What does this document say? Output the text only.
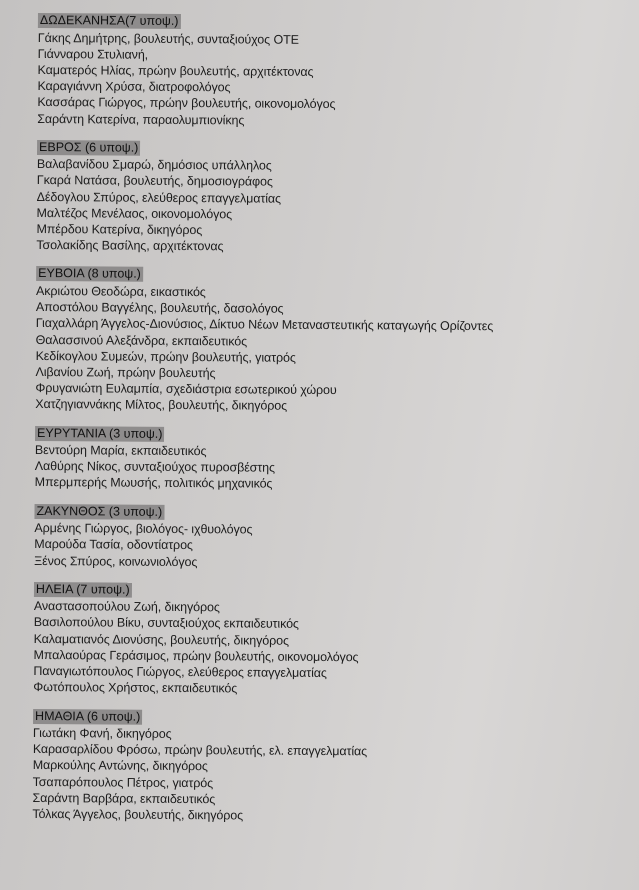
ΔΩΔΕΚΑΝΗΣΑ(7 υποψ.)
Γάκης Δημήτρης, βουλευτής, συνταξιούχος ΟΤΕ
Γιάνναρου Στυλιανή,
Καματερός Ηλίας, πρώην βουλευτής, αρχιτέκτονας
Καραγιάννη Χρύσα, διατροφολόγος
Κασσάρας Γιώργος, πρώην βουλευτής, οικονομολόγος
Σαράντη Κατερίνα, παραολυμπιονίκης
ΕΒΡΟΣ (6 υποψ.)
Βαλαβανίδου Σμαρώ, δημόσιος υπάλληλος
Γκαρά Νατάσα, βουλευτής, δημοσιογράφος
Δέδογλου Σπύρος, ελεύθερος επαγγελματίας
Μαλτέζος Μενέλαος, οικονομολόγος
Μπέρδου Κατερίνα, δικηγόρος
Τσολακίδης Βασίλης, αρχιτέκτονας
ΕΥΒΟΙΑ (8 υποψ.)
Ακριώτου Θεοδώρα, εικαστικός
Αποστόλου Βαγγέλης, βουλευτής, δασολόγος
Γιαχαλλάρη Άγγελος-Διονύσιος, Δίκτυο Νέων Μεταναστευτικής καταγωγής Ορίζοντες
Θαλασσινού Αλεξάνδρα, εκπαιδευτικός
Κεδίκογλου Συμεών, πρώην βουλευτής, γιατρός
Λιβανίου Ζωή, πρώην βουλευτής
Φρυγανιώτη Ευλαμπία, σχεδιάστρια εσωτερικού χώρου
Χατζηγιαννάκης Μίλτος, βουλευτής, δικηγόρος
ΕΥΡΥΤΑΝΙΑ (3 υποψ.)
Βεντούρη Μαρία, εκπαιδευτικός
Λαθύρης Νίκος, συνταξιούχος πυροσβέστης
Μπερμπερής Μωυσής, πολιτικός μηχανικός
ΖΑΚΥΝΘΟΣ (3 υποψ.)
Αρμένης Γιώργος, βιολόγος- ιχθυολόγος
Μαρούδα Τασία, οδοντίατρος
Ξένος Σπύρος, κοινωνιολόγος
ΗΛΕΙΑ (7 υποψ.)
Αναστασοπούλου Ζωή, δικηγόρος
Βασιλοπούλου Βίκυ, συνταξιούχος εκπαιδευτικός
Καλαματιανός Διονύσης, βουλευτής, δικηγόρος
Μπαλαούρας Γεράσιμος, πρώην βουλευτής, οικονομολόγος
Παναγιωτόπουλος Γιώργος, ελεύθερος επαγγελματίας
Φωτόπουλος Χρήστος, εκπαιδευτικός
ΗΜΑΘΙΑ (6 υποψ.)
Γιωτάκη Φανή, δικηγόρος
Καρασαρλίδου Φρόσω, πρώην βουλευτής, ελ. επαγγελματίας
Μαρκούλης Αντώνης, δικηγόρος
Τσαπαρόπουλος Πέτρος, γιατρός
Σαράντη Βαρβάρα, εκπαιδευτικός
Τόλκας Άγγελος, βουλευτής, δικηγόρος
